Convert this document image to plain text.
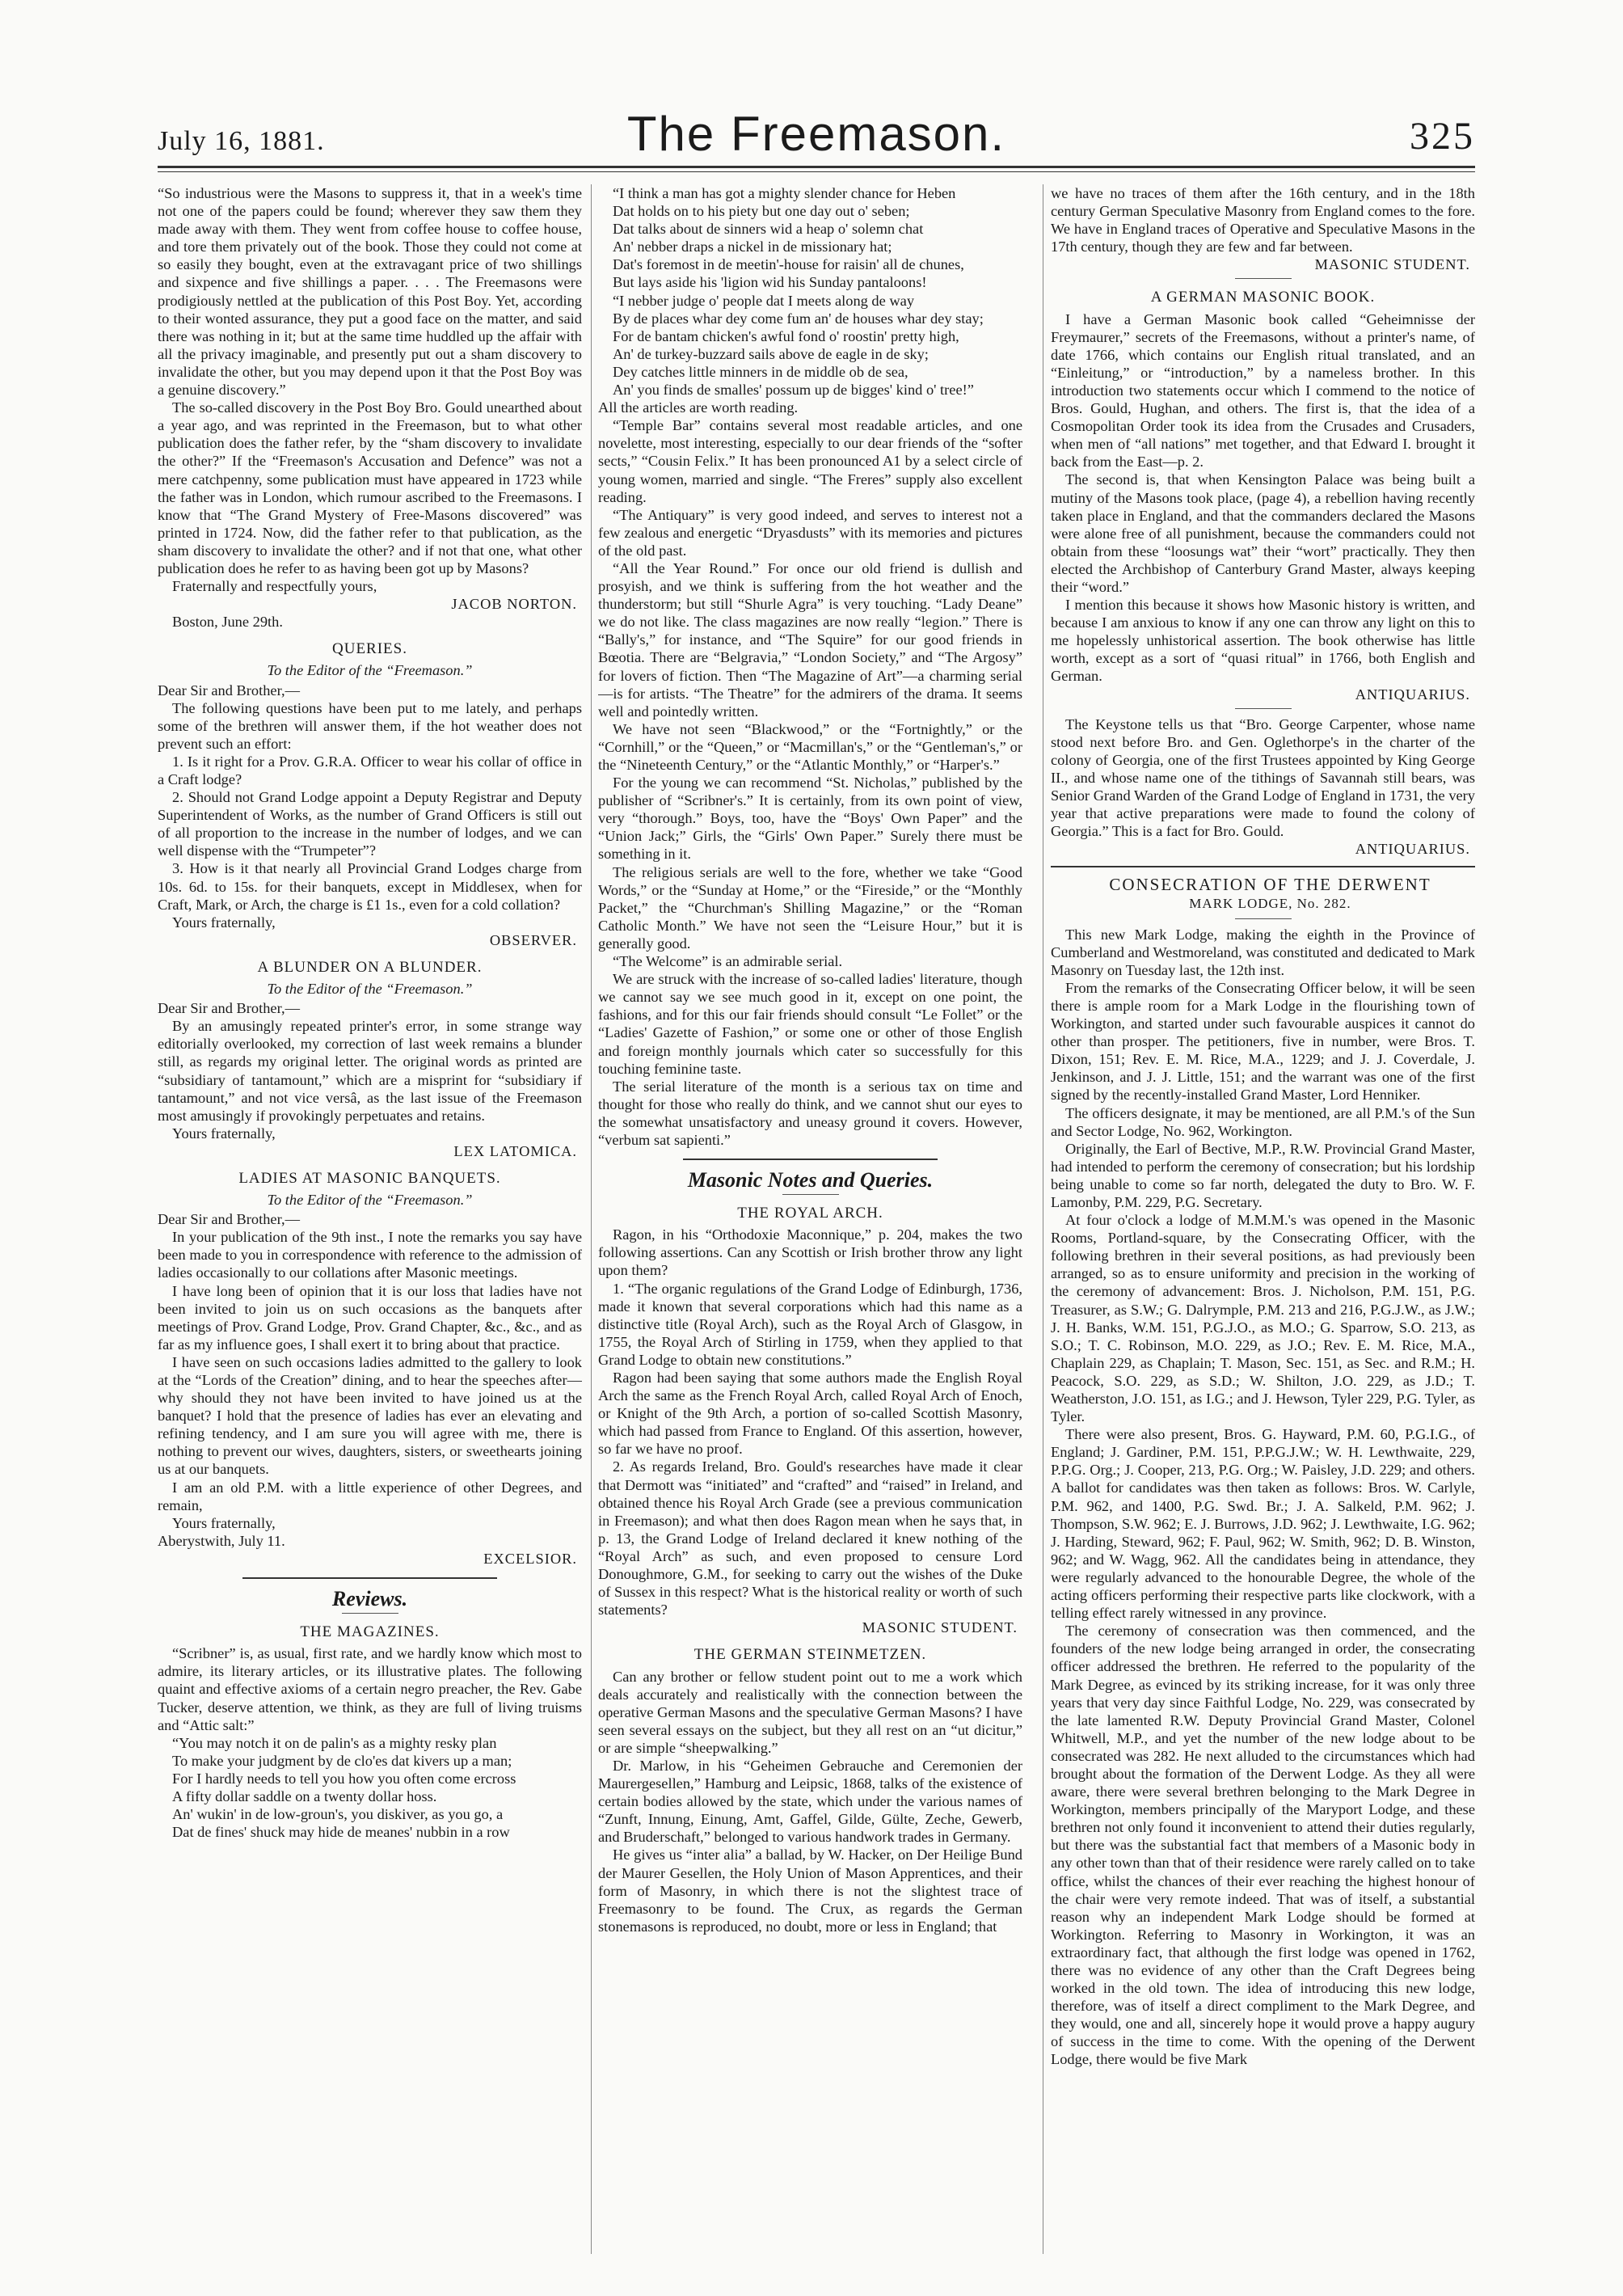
July 16, 1881.	The Freemason.	325

“So industrious were the Masons to suppress it, that in a week's time not one of the papers could be found; wherever they saw them they made away with them. They went from coffee house to coffee house, and tore them privately out of the book. Those they could not come at so easily they bought, even at the extravagant price of two shillings and sixpence and five shillings a paper. . . . The Freemasons were prodigiously nettled at the publication of this Post Boy. Yet, according to their wonted assurance, they put a good face on the matter, and said there was nothing in it; but at the same time huddled up the affair with all the privacy imaginable, and presently put out a sham discovery to invalidate the other, but you may depend upon it that the Post Boy was a genuine discovery.”

The so-called discovery in the Post Boy Bro. Gould unearthed about a year ago, and was reprinted in the Freemason, but to what other publication does the father refer, by the “sham discovery to invalidate the other?” If the “Freemason's Accusation and Defence” was not a mere catchpenny, some publication must have appeared in 1723 while the father was in London, which rumour ascribed to the Freemasons. I know that “The Grand Mystery of Free-Masons discovered” was printed in 1724. Now, did the father refer to that publication, as the sham discovery to invalidate the other? and if not that one, what other publication does he refer to as having been got up by Masons?

Fraternally and respectfully yours,

JACOB NORTON.

Boston, June 29th.

QUERIES.

To the Editor of the “Freemason.”

Dear Sir and Brother,—

The following questions have been put to me lately, and perhaps some of the brethren will answer them, if the hot weather does not prevent such an effort:

1. Is it right for a Prov. G.R.A. Officer to wear his collar of office in a Craft lodge?

2. Should not Grand Lodge appoint a Deputy Registrar and Deputy Superintendent of Works, as the number of Grand Officers is still out of all proportion to the increase in the number of lodges, and we can well dispense with the “Trumpeter”?

3. How is it that nearly all Provincial Grand Lodges charge from 10s. 6d. to 15s. for their banquets, except in Middlesex, when for Craft, Mark, or Arch, the charge is £1 1s., even for a cold collation?

Yours fraternally,

OBSERVER.

A BLUNDER ON A BLUNDER.

To the Editor of the “Freemason.”

Dear Sir and Brother,—

By an amusingly repeated printer's error, in some strange way editorially overlooked, my correction of last week remains a blunder still, as regards my original letter. The original words as printed are “subsidiary of tantamount,” which are a misprint for “subsidiary if tantamount,” and not vice versâ, as the last issue of the Freemason most amusingly if provokingly perpetuates and retains.

Yours fraternally,

LEX LATOMICA.

LADIES AT MASONIC BANQUETS.

To the Editor of the “Freemason.”

Dear Sir and Brother,—

In your publication of the 9th inst., I note the remarks you say have been made to you in correspondence with reference to the admission of ladies occasionally to our collations after Masonic meetings.

I have long been of opinion that it is our loss that ladies have not been invited to join us on such occasions as the banquets after meetings of Prov. Grand Lodge, Prov. Grand Chapter, &c., &c., and as far as my influence goes, I shall exert it to bring about that practice.

I have seen on such occasions ladies admitted to the gallery to look at the “Lords of the Creation” dining, and to hear the speeches after—why should they not have been invited to have joined us at the banquet? I hold that the presence of ladies has ever an elevating and refining tendency, and I am sure you will agree with me, there is nothing to prevent our wives, daughters, sisters, or sweethearts joining us at our banquets.

I am an old P.M. with a little experience of other Degrees, and remain,

Yours fraternally,

Aberystwith, July 11.

EXCELSIOR.

Reviews.

THE MAGAZINES.

“Scribner” is, as usual, first rate, and we hardly know which most to admire, its literary articles, or its illustrative plates. The following quaint and effective axioms of a certain negro preacher, the Rev. Gabe Tucker, deserve attention, we think, as they are full of living truisms and “Attic salt:”

“You may notch it on de palin's as a mighty resky plan

To make your judgment by de clo'es dat kivers up a man;

For I hardly needs to tell you how you often come ercross

A fifty dollar saddle on a twenty dollar hoss.

An' wukin' in de low-groun's, you diskiver, as you go, a

Dat de fines' shuck may hide de meanes' nubbin in a row

“I think a man has got a mighty slender chance for Heben

Dat holds on to his piety but one day out o' seben;

Dat talks about de sinners wid a heap o' solemn chat

An' nebber draps a nickel in de missionary hat;

Dat's foremost in de meetin'-house for raisin' all de chunes,

But lays aside his 'ligion wid his Sunday pantaloons!

“I nebber judge o' people dat I meets along de way

By de places whar dey come fum an' de houses whar dey stay;

For de bantam chicken's awful fond o' roostin' pretty high,

An' de turkey-buzzard sails above de eagle in de sky;

Dey catches little minners in de middle ob de sea,

An' you finds de smalles' possum up de bigges' kind o' tree!”

All the articles are worth reading.

“Temple Bar” contains several most readable articles, and one novelette, most interesting, especially to our dear friends of the “softer sects,” “Cousin Felix.” It has been pronounced A1 by a select circle of young women, married and single. “The Freres” supply also excellent reading.

“The Antiquary” is very good indeed, and serves to interest not a few zealous and energetic “Dryasdusts” with its memories and pictures of the old past.

“All the Year Round.” For once our old friend is dullish and prosyish, and we think is suffering from the hot weather and the thunderstorm; but still “Shurle Agra” is very touching. “Lady Deane” we do not like. The class magazines are now really “legion.” There is “Bally's,” for instance, and “The Squire” for our good friends in Bœotia. There are “Belgravia,” “London Society,” and “The Argosy” for lovers of fiction. Then “The Magazine of Art”—a charming serial—is for artists. “The Theatre” for the admirers of the drama. It seems well and pointedly written.

We have not seen “Blackwood,” or the “Fortnightly,” or the “Cornhill,” or the “Queen,” or “Macmillan's,” or the “Gentleman's,” or the “Nineteenth Century,” or the “Atlantic Monthly,” or “Harper's.”

For the young we can recommend “St. Nicholas,” published by the publisher of “Scribner's.” It is certainly, from its own point of view, very “thorough.” Boys, too, have the “Boys' Own Paper” and the “Union Jack;” Girls, the “Girls' Own Paper.” Surely there must be something in it.

The religious serials are well to the fore, whether we take “Good Words,” or the “Sunday at Home,” or the “Fireside,” or the “Monthly Packet,” the “Churchman's Shilling Magazine,” or the “Roman Catholic Month.” We have not seen the “Leisure Hour,” but it is generally good.

“The Welcome” is an admirable serial.

We are struck with the increase of so-called ladies' literature, though we cannot say we see much good in it, except on one point, the fashions, and for this our fair friends should consult “Le Follet” or the “Ladies' Gazette of Fashion,” or some one or other of those English and foreign monthly journals which cater so successfully for this touching feminine taste.

The serial literature of the month is a serious tax on time and thought for those who really do think, and we cannot shut our eyes to the somewhat unsatisfactory and uneasy ground it covers. However, “verbum sat sapienti.”

Masonic Notes and Queries.

THE ROYAL ARCH.

Ragon, in his “Orthodoxie Maconnique,” p. 204, makes the two following assertions. Can any Scottish or Irish brother throw any light upon them?

1. “The organic regulations of the Grand Lodge of Edinburgh, 1736, made it known that several corporations which had this name as a distinctive title (Royal Arch), such as the Royal Arch of Glasgow, in 1755, the Royal Arch of Stirling in 1759, when they applied to that Grand Lodge to obtain new constitutions.”

Ragon had been saying that some authors made the English Royal Arch the same as the French Royal Arch, called Royal Arch of Enoch, or Knight of the 9th Arch, a portion of so-called Scottish Masonry, which had passed from France to England. Of this assertion, however, so far we have no proof.

2. As regards Ireland, Bro. Gould's researches have made it clear that Dermott was “initiated” and “crafted” and “raised” in Ireland, and obtained thence his Royal Arch Grade (see a previous communication in Freemason); and what then does Ragon mean when he says that, in p. 13, the Grand Lodge of Ireland declared it knew nothing of the “Royal Arch” as such, and even proposed to censure Lord Donoughmore, G.M., for seeking to carry out the wishes of the Duke of Sussex in this respect? What is the historical reality or worth of such statements?

MASONIC STUDENT.

THE GERMAN STEINMETZEN.

Can any brother or fellow student point out to me a work which deals accurately and realistically with the connection between the operative German Masons and the speculative German Masons? I have seen several essays on the subject, but they all rest on an “ut dicitur,” or are simple “sheepwalking.”

Dr. Marlow, in his “Geheimen Gebrauche and Ceremonien der Maurergesellen,” Hamburg and Leipsic, 1868, talks of the existence of certain bodies allowed by the state, which under the various names of “Zunft, Innung, Einung, Amt, Gaffel, Gilde, Gülte, Zeche, Gewerb, and Bruderschaft,” belonged to various handwork trades in Germany.

He gives us “inter alia” a ballad, by W. Hacker, on Der Heilige Bund der Maurer Gesellen, the Holy Union of Mason Apprentices, and their form of Masonry, in which there is not the slightest trace of Freemasonry to be found. The Crux, as regards the German stonemasons is reproduced, no doubt, more or less in England; that

we have no traces of them after the 16th century, and in the 18th century German Speculative Masonry from England comes to the fore. We have in England traces of Operative and Speculative Masons in the 17th century, though they are few and far between.

MASONIC STUDENT.

A GERMAN MASONIC BOOK.

I have a German Masonic book called “Geheimnisse der Freymaurer,” secrets of the Freemasons, without a printer's name, of date 1766, which contains our English ritual translated, and an “Einleitung,” or “introduction,” by a nameless brother. In this introduction two statements occur which I commend to the notice of Bros. Gould, Hughan, and others. The first is, that the idea of a Cosmopolitan Order took its idea from the Crusades and Crusaders, when men of “all nations” met together, and that Edward I. brought it back from the East—p. 2.

The second is, that when Kensington Palace was being built a mutiny of the Masons took place, (page 4), a rebellion having recently taken place in England, and that the commanders declared the Masons were alone free of all punishment, because the commanders could not obtain from these “loosungs wat” their “wort” practically. They then elected the Archbishop of Canterbury Grand Master, always keeping their “word.”

I mention this because it shows how Masonic history is written, and because I am anxious to know if any one can throw any light on this to me hopelessly unhistorical assertion. The book otherwise has little worth, except as a sort of “quasi ritual” in 1766, both English and German.

ANTIQUARIUS.

The Keystone tells us that “Bro. George Carpenter, whose name stood next before Bro. and Gen. Oglethorpe's in the charter of the colony of Georgia, one of the first Trustees appointed by King George II., and whose name one of the tithings of Savannah still bears, was Senior Grand Warden of the Grand Lodge of England in 1731, the very year that active preparations were made to found the colony of Georgia.” This is a fact for Bro. Gould.

ANTIQUARIUS.

CONSECRATION OF THE DERWENT

MARK LODGE, No. 282.

This new Mark Lodge, making the eighth in the Province of Cumberland and Westmoreland, was constituted and dedicated to Mark Masonry on Tuesday last, the 12th inst.

From the remarks of the Consecrating Officer below, it will be seen there is ample room for a Mark Lodge in the flourishing town of Workington, and started under such favourable auspices it cannot do other than prosper. The petitioners, five in number, were Bros. T. Dixon, 151; Rev. E. M. Rice, M.A., 1229; and J. J. Coverdale, J. Jenkinson, and J. J. Little, 151; and the warrant was one of the first signed by the recently-installed Grand Master, Lord Henniker.

The officers designate, it may be mentioned, are all P.M.'s of the Sun and Sector Lodge, No. 962, Workington.

Originally, the Earl of Bective, M.P., R.W. Provincial Grand Master, had intended to perform the ceremony of consecration; but his lordship being unable to come so far north, delegated the duty to Bro. W. F. Lamonby, P.M. 229, P.G. Secretary.

At four o'clock a lodge of M.M.M.'s was opened in the Masonic Rooms, Portland-square, by the Consecrating Officer, with the following brethren in their several positions, as had previously been arranged, so as to ensure uniformity and precision in the working of the ceremony of advancement: Bros. J. Nicholson, P.M. 151, P.G. Treasurer, as S.W.; G. Dalrymple, P.M. 213 and 216, P.G.J.W., as J.W.; J. H. Banks, W.M. 151, P.G.J.O., as M.O.; G. Sparrow, S.O. 213, as S.O.; T. C. Robinson, M.O. 229, as J.O.; Rev. E. M. Rice, M.A., Chaplain 229, as Chaplain; T. Mason, Sec. 151, as Sec. and R.M.; H. Peacock, S.O. 229, as S.D.; W. Shilton, J.O. 229, as J.D.; T. Weatherston, J.O. 151, as I.G.; and J. Hewson, Tyler 229, P.G. Tyler, as Tyler.

There were also present, Bros. G. Hayward, P.M. 60, P.G.I.G., of England; J. Gardiner, P.M. 151, P.P.G.J.W.; W. H. Lewthwaite, 229, P.P.G. Org.; J. Cooper, 213, P.G. Org.; W. Paisley, J.D. 229; and others. A ballot for candidates was then taken as follows: Bros. W. Carlyle, P.M. 962, and 1400, P.G. Swd. Br.; J. A. Salkeld, P.M. 962; J. Thompson, S.W. 962; E. J. Burrows, J.D. 962; J. Lewthwaite, I.G. 962; J. Harding, Steward, 962; F. Paul, 962; W. Smith, 962; D. B. Winston, 962; and W. Wagg, 962. All the candidates being in attendance, they were regularly advanced to the honourable Degree, the whole of the acting officers performing their respective parts like clockwork, with a telling effect rarely witnessed in any province.

The ceremony of consecration was then commenced, and the founders of the new lodge being arranged in order, the consecrating officer addressed the brethren. He referred to the popularity of the Mark Degree, as evinced by its striking increase, for it was only three years that very day since Faithful Lodge, No. 229, was consecrated by the late lamented R.W. Deputy Provincial Grand Master, Colonel Whitwell, M.P., and yet the number of the new lodge about to be consecrated was 282. He next alluded to the circumstances which had brought about the formation of the Derwent Lodge. As they all were aware, there were several brethren belonging to the Mark Degree in Workington, members principally of the Maryport Lodge, and these brethren not only found it inconvenient to attend their duties regularly, but there was the substantial fact that members of a Masonic body in any other town than that of their residence were rarely called on to take office, whilst the chances of their ever reaching the highest honour of the chair were very remote indeed. That was of itself, a substantial reason why an independent Mark Lodge should be formed at Workington. Referring to Masonry in Workington, it was an extraordinary fact, that although the first lodge was opened in 1762, there was no evidence of any other than the Craft Degrees being worked in the old town. The idea of introducing this new lodge, therefore, was of itself a direct compliment to the Mark Degree, and they would, one and all, sincerely hope it would prove a happy augury of success in the time to come. With the opening of the Derwent Lodge, there would be five Mark
